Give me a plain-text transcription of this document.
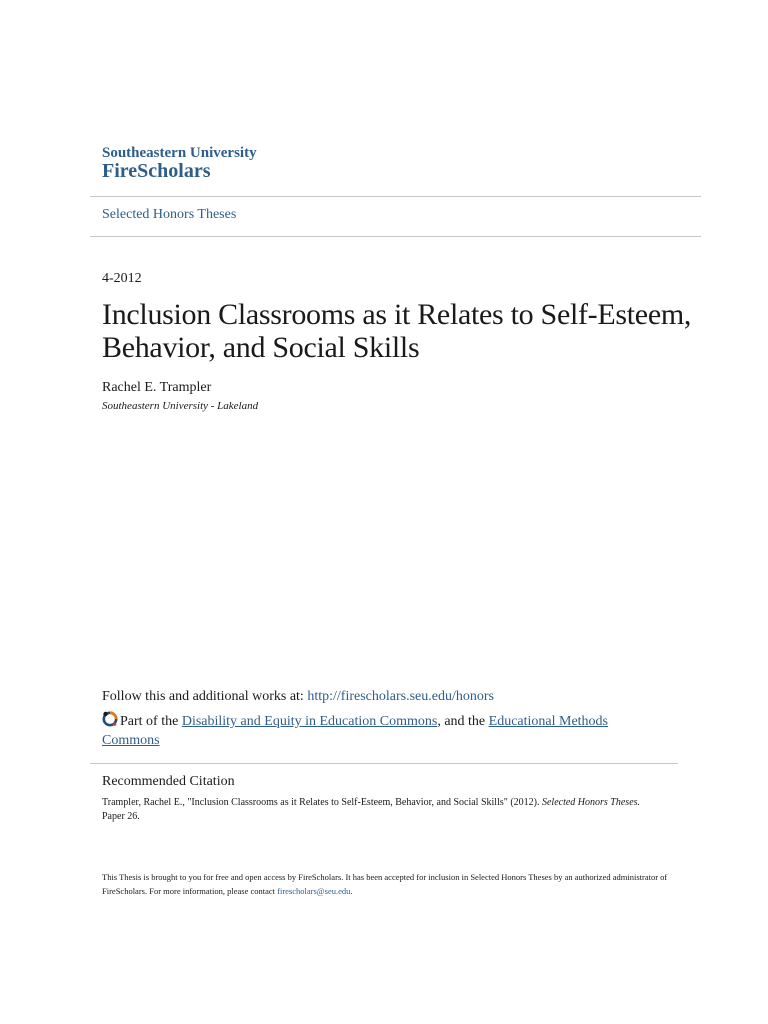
Southeastern University
FireScholars
Selected Honors Theses
4-2012
Inclusion Classrooms as it Relates to Self-Esteem, Behavior, and Social Skills
Rachel E. Trampler
Southeastern University - Lakeland
Follow this and additional works at: http://firescholars.seu.edu/honors
Part of the Disability and Equity in Education Commons, and the Educational Methods Commons
Recommended Citation
Trampler, Rachel E., "Inclusion Classrooms as it Relates to Self-Esteem, Behavior, and Social Skills" (2012). Selected Honors Theses.
Paper 26.
This Thesis is brought to you for free and open access by FireScholars. It has been accepted for inclusion in Selected Honors Theses by an authorized administrator of FireScholars. For more information, please contact firescholars@seu.edu.
